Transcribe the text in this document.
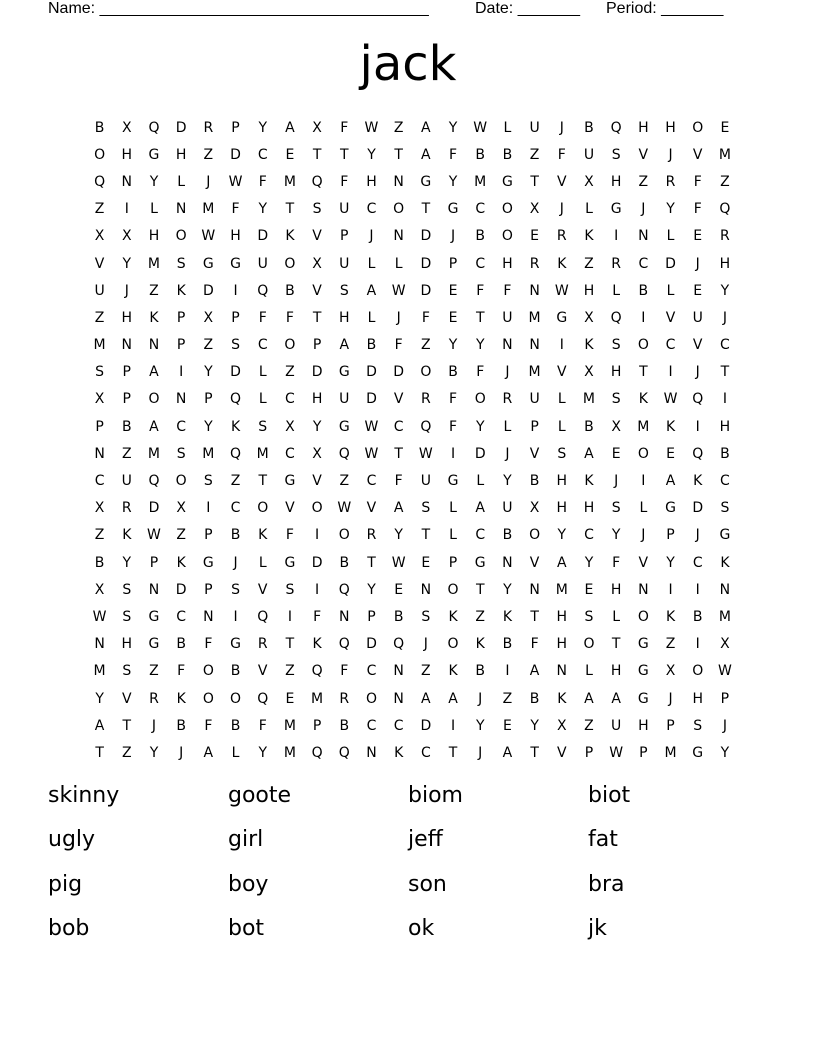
Name: _____________________________________

	Date: _______

Period: _______

jack
B	X	Q	D	R	P	Y	A	X	F	W	Z	A	Y	W	L	U	J	B	Q	H	H	O	E
O	H	G	H	Z	D	C	E	T	T	Y	T	A	F	B	B	Z	F	U	S	V	J	V	M
Q	N	Y	L	J	W	F	M	Q	F	H	N	G	Y	M	G	T	V	X	H	Z	R	F	Z
Z	I	L	N	M	F	Y	T	S	U	C	O	T	G	C	O	X	J	L	G	J	Y	F	Q
X	X	H	O	W	H	D	K	V	P	J	N	D	J	B	O	E	R	K	I	N	L	E	R
V	Y	M	S	G	G	U	O	X	U	L	L	D	P	C	H	R	K	Z	R	C	D	J	H
U	J	Z	K	D	I	Q	B	V	S	A	W	D	E	F	F	N	W	H	L	B	L	E	Y
Z	H	K	P	X	P	F	F	T	H	L	J	F	E	T	U	M	G	X	Q	I	V	U	J
M	N	N	P	Z	S	C	O	P	A	B	F	Z	Y	Y	N	N	I	K	S	O	C	V	C
S	P	A	I	Y	D	L	Z	D	G	D	D	O	B	F	J	M	V	X	H	T	I	J	T
X	P	O	N	P	Q	L	C	H	U	D	V	R	F	O	R	U	L	M	S	K	W	Q	I
P	B	A	C	Y	K	S	X	Y	G	W	C	Q	F	Y	L	P	L	B	X	M	K	I	H
N	Z	M	S	M	Q	M	C	X	Q	W	T	W	I	D	J	V	S	A	E	O	E	Q	B
C	U	Q	O	S	Z	T	G	V	Z	C	F	U	G	L	Y	B	H	K	J	I	A	K	C
X	R	D	X	I	C	O	V	O	W	V	A	S	L	A	U	X	H	H	S	L	G	D	S
Z	K	W	Z	P	B	K	F	I	O	R	Y	T	L	C	B	O	Y	C	Y	J	P	J	G
B	Y	P	K	G	J	L	G	D	B	T	W	E	P	G	N	V	A	Y	F	V	Y	C	K
X	S	N	D	P	S	V	S	I	Q	Y	E	N	O	T	Y	N	M	E	H	N	I	I	N
W	S	G	C	N	I	Q	I	F	N	P	B	S	K	Z	K	T	H	S	L	O	K	B	M
N	H	G	B	F	G	R	T	K	Q	D	Q	J	O	K	B	F	H	O	T	G	Z	I	X
M	S	Z	F	O	B	V	Z	Q	F	C	N	Z	K	B	I	A	N	L	H	G	X	O	W
Y	V	R	K	O	O	Q	E	M	R	O	N	A	A	J	Z	B	K	A	A	G	J	H	P
A	T	J	B	F	B	F	M	P	B	C	C	D	I	Y	E	Y	X	Z	U	H	P	S	J
T	Z	Y	J	A	L	Y	M	Q	Q	N	K	C	T	J	A	T	V	P	W	P	M	G	Y
skinny	goote	biom	biot
ugly	girl	jeff	fat
pig	boy	son	bra
bob	bot	ok	jk
